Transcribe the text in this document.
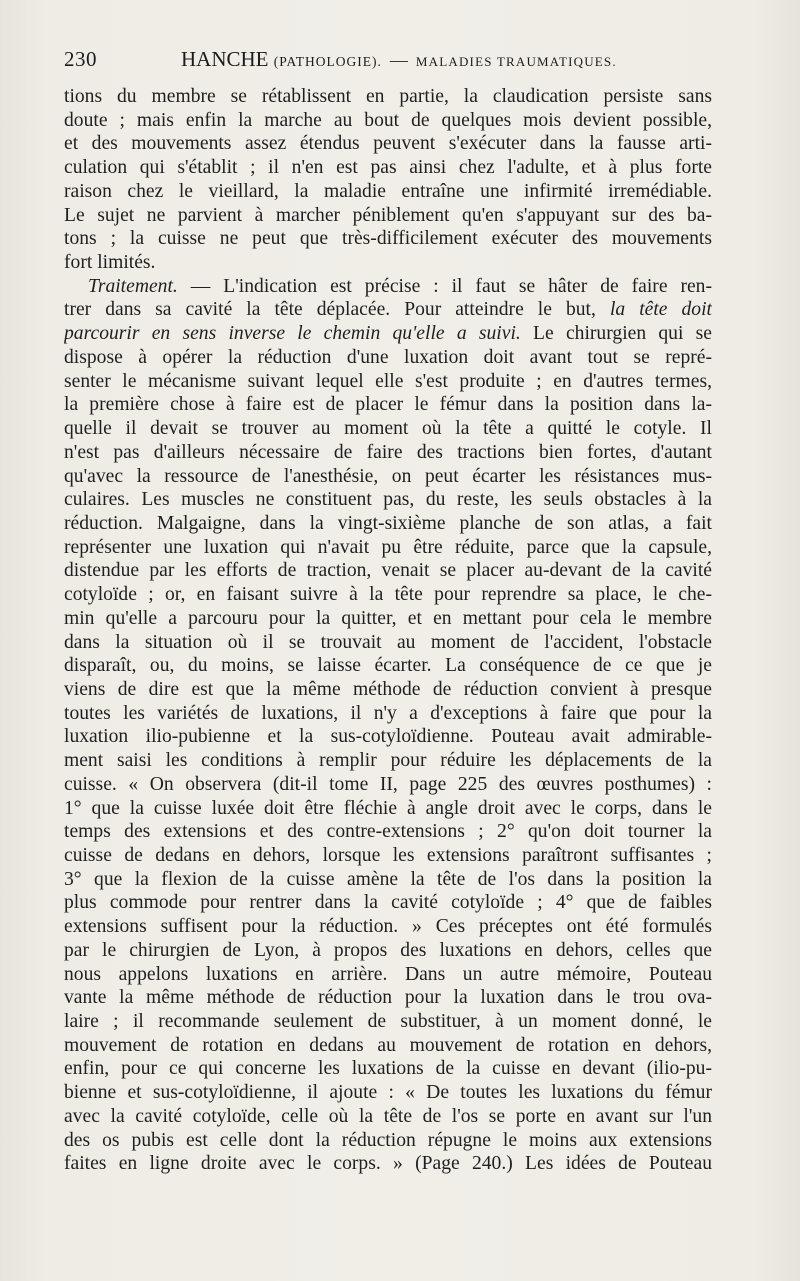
230	HANCHE (PATHOLOGIE). — MALADIES TRAUMATIQUES.
tions du membre se rétablissent en partie, la claudication persiste sans
doute ; mais enfin la marche au bout de quelques mois devient possible,
et des mouvements assez étendus peuvent s'exécuter dans la fausse arti-
culation qui s'établit ; il n'en est pas ainsi chez l'adulte, et à plus forte
raison chez le vieillard, la maladie entraîne une infirmité irremédiable.
Le sujet ne parvient à marcher péniblement qu'en s'appuyant sur des ba-
tons ; la cuisse ne peut que très-difficilement exécuter des mouvements
fort limités.
Traitement. — L'indication est précise : il faut se hâter de faire ren-
trer dans sa cavité la tête déplacée. Pour atteindre le but, la tête doit
parcourir en sens inverse le chemin qu'elle a suivi. Le chirurgien qui se
dispose à opérer la réduction d'une luxation doit avant tout se repré-
senter le mécanisme suivant lequel elle s'est produite ; en d'autres termes,
la première chose à faire est de placer le fémur dans la position dans la-
quelle il devait se trouver au moment où la tête a quitté le cotyle. Il
n'est pas d'ailleurs nécessaire de faire des tractions bien fortes, d'autant
qu'avec la ressource de l'anesthésie, on peut écarter les résistances mus-
culaires. Les muscles ne constituent pas, du reste, les seuls obstacles à la
réduction. Malgaigne, dans la vingt-sixième planche de son atlas, a fait
représenter une luxation qui n'avait pu être réduite, parce que la capsule,
distendue par les efforts de traction, venait se placer au-devant de la cavité
cotyloïde ; or, en faisant suivre à la tête pour reprendre sa place, le che-
min qu'elle a parcouru pour la quitter, et en mettant pour cela le membre
dans la situation où il se trouvait au moment de l'accident, l'obstacle
disparaît, ou, du moins, se laisse écarter. La conséquence de ce que je
viens de dire est que la même méthode de réduction convient à presque
toutes les variétés de luxations, il n'y a d'exceptions à faire que pour la
luxation ilio-pubienne et la sus-cotyloïdienne. Pouteau avait admirable-
ment saisi les conditions à remplir pour réduire les déplacements de la
cuisse. « On observera (dit-il tome II, page 225 des œuvres posthumes) :
1° que la cuisse luxée doit être fléchie à angle droit avec le corps, dans le
temps des extensions et des contre-extensions ; 2° qu'on doit tourner la
cuisse de dedans en dehors, lorsque les extensions paraîtront suffisantes ;
3° que la flexion de la cuisse amène la tête de l'os dans la position la
plus commode pour rentrer dans la cavité cotyloïde ; 4° que de faibles
extensions suffisent pour la réduction. » Ces préceptes ont été formulés
par le chirurgien de Lyon, à propos des luxations en dehors, celles que
nous appelons luxations en arrière. Dans un autre mémoire, Pouteau
vante la même méthode de réduction pour la luxation dans le trou ova-
laire ; il recommande seulement de substituer, à un moment donné, le
mouvement de rotation en dedans au mouvement de rotation en dehors,
enfin, pour ce qui concerne les luxations de la cuisse en devant (ilio-pu-
bienne et sus-cotyloïdienne, il ajoute : « De toutes les luxations du fémur
avec la cavité cotyloïde, celle où la tête de l'os se porte en avant sur l'un
des os pubis est celle dont la réduction répugne le moins aux extensions
faites en ligne droite avec le corps. » (Page 240.) Les idées de Pouteau
